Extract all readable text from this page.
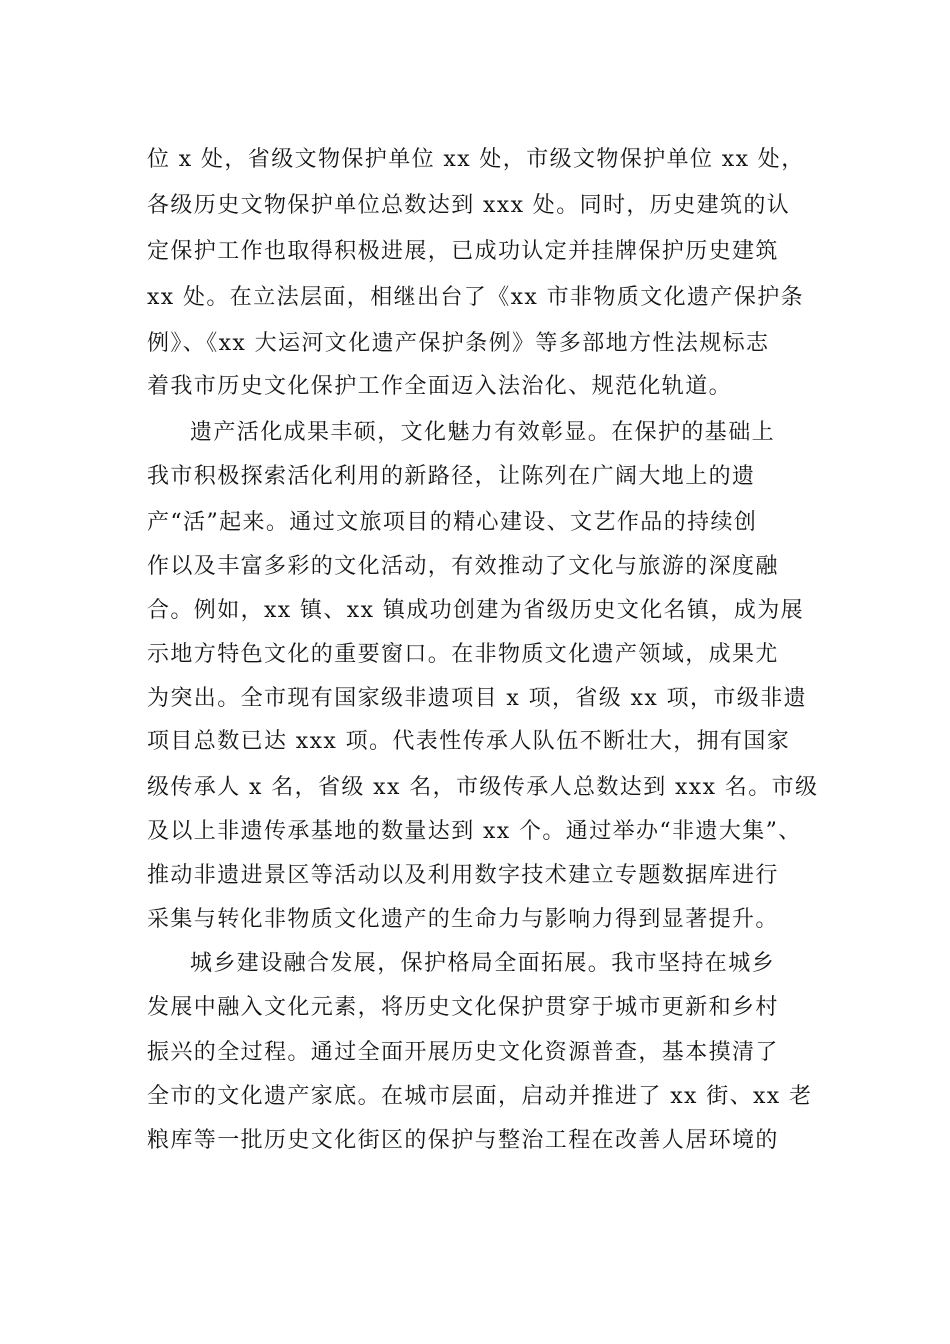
位 x 处，省级文物保护单位 xx 处，市级文物保护单位 xx 处，
各级历史文物保护单位总数达到 xxx 处。同时，历史建筑的认
定保护工作也取得积极进展，已成功认定并挂牌保护历史建筑
xx 处。在立法层面，相继出台了《xx 市非物质文化遗产保护条
例》、《xx 大运河文化遗产保护条例》等多部地方性法规标志
着我市历史文化保护工作全面迈入法治化、规范化轨道。
遗产活化成果丰硕，文化魅力有效彰显。在保护的基础上
我市积极探索活化利用的新路径，让陈列在广阔大地上的遗
产“活”起来。通过文旅项目的精心建设、文艺作品的持续创
作以及丰富多彩的文化活动，有效推动了文化与旅游的深度融
合。例如，xx 镇、xx 镇成功创建为省级历史文化名镇，成为展
示地方特色文化的重要窗口。在非物质文化遗产领域，成果尤
为突出。全市现有国家级非遗项目 x 项，省级 xx 项，市级非遗
项目总数已达 xxx 项。代表性传承人队伍不断壮大，拥有国家
级传承人 x 名，省级 xx 名，市级传承人总数达到 xxx 名。市级
及以上非遗传承基地的数量达到 xx 个。通过举办“非遗大集”、
推动非遗进景区等活动以及利用数字技术建立专题数据库进行
采集与转化非物质文化遗产的生命力与影响力得到显著提升。
城乡建设融合发展，保护格局全面拓展。我市坚持在城乡
发展中融入文化元素，将历史文化保护贯穿于城市更新和乡村
振兴的全过程。通过全面开展历史文化资源普查，基本摸清了
全市的文化遗产家底。在城市层面，启动并推进了 xx 街、xx 老
粮库等一批历史文化街区的保护与整治工程在改善人居环境的
